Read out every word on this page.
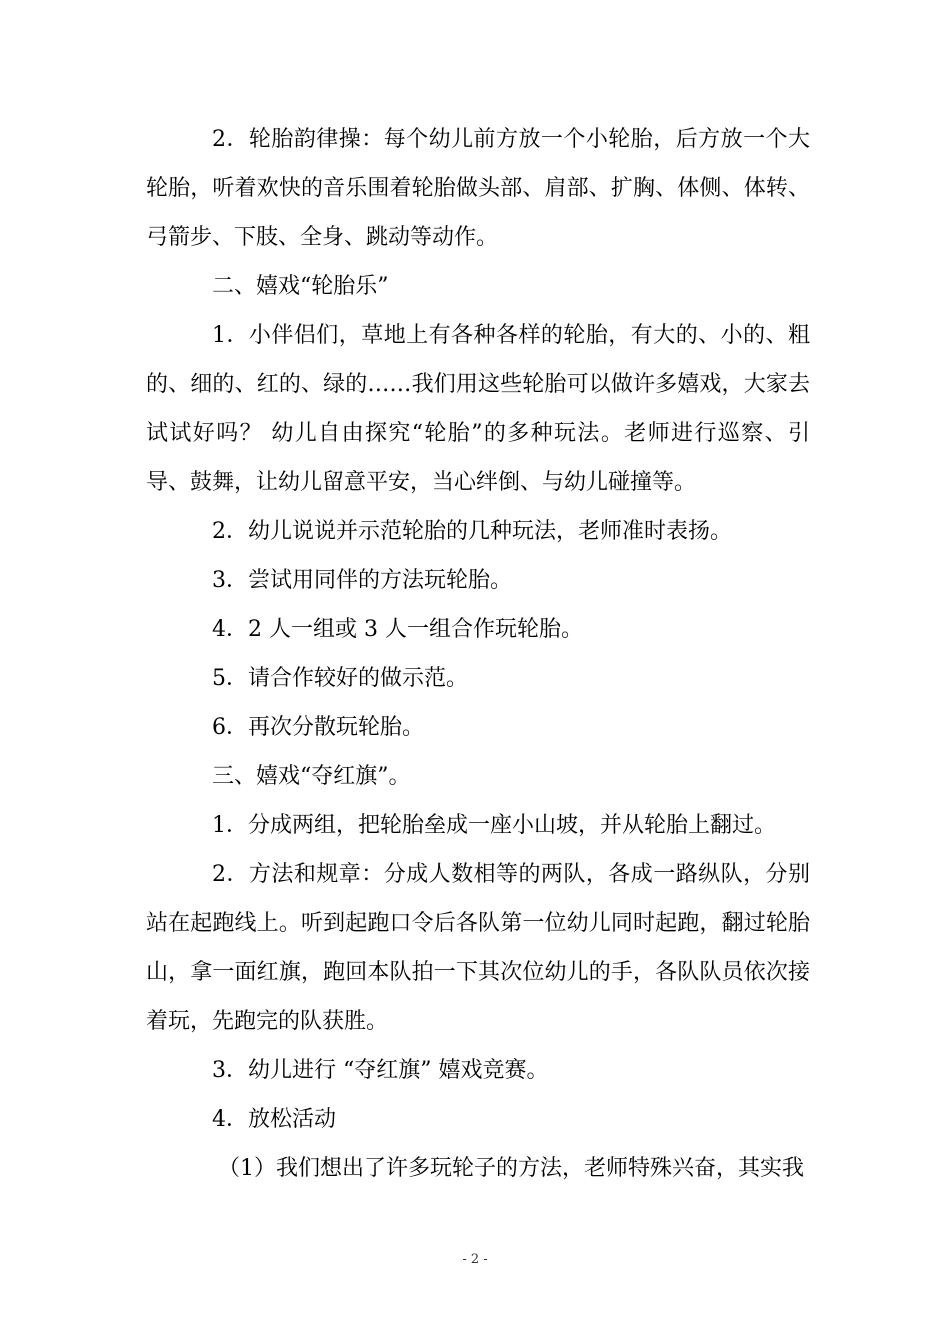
2．轮胎韵律操：每个幼儿前方放一个小轮胎，后方放一个大轮胎，听着欢快的音乐围着轮胎做头部、肩部、扩胸、体侧、体转、弓箭步、下肢、全身、跳动等动作。

二、嬉戏“轮胎乐”

1．小伴侣们，草地上有各种各样的轮胎，有大的、小的、粗的、细的、红的、绿的……我们用这些轮胎可以做许多嬉戏，大家去试试好吗？ 幼儿自由探究“轮胎”的多种玩法。老师进行巡察、引导、鼓舞，让幼儿留意平安，当心绊倒、与幼儿碰撞等。

2．幼儿说说并示范轮胎的几种玩法，老师准时表扬。

3．尝试用同伴的方法玩轮胎。

4．2 人一组或 3 人一组合作玩轮胎。

5．请合作较好的做示范。

6．再次分散玩轮胎。

三、嬉戏“夺红旗”。

1．分成两组，把轮胎垒成一座小山坡，并从轮胎上翻过。

2．方法和规章：分成人数相等的两队，各成一路纵队，分别站在起跑线上。听到起跑口令后各队第一位幼儿同时起跑，翻过轮胎山，拿一面红旗，跑回本队拍一下其次位幼儿的手，各队队员依次接着玩，先跑完的队获胜。

3．幼儿进行 “夺红旗” 嬉戏竞赛。

4．放松活动

（1）我们想出了许多玩轮子的方法，老师特殊兴奋，其实我

- 2 -
